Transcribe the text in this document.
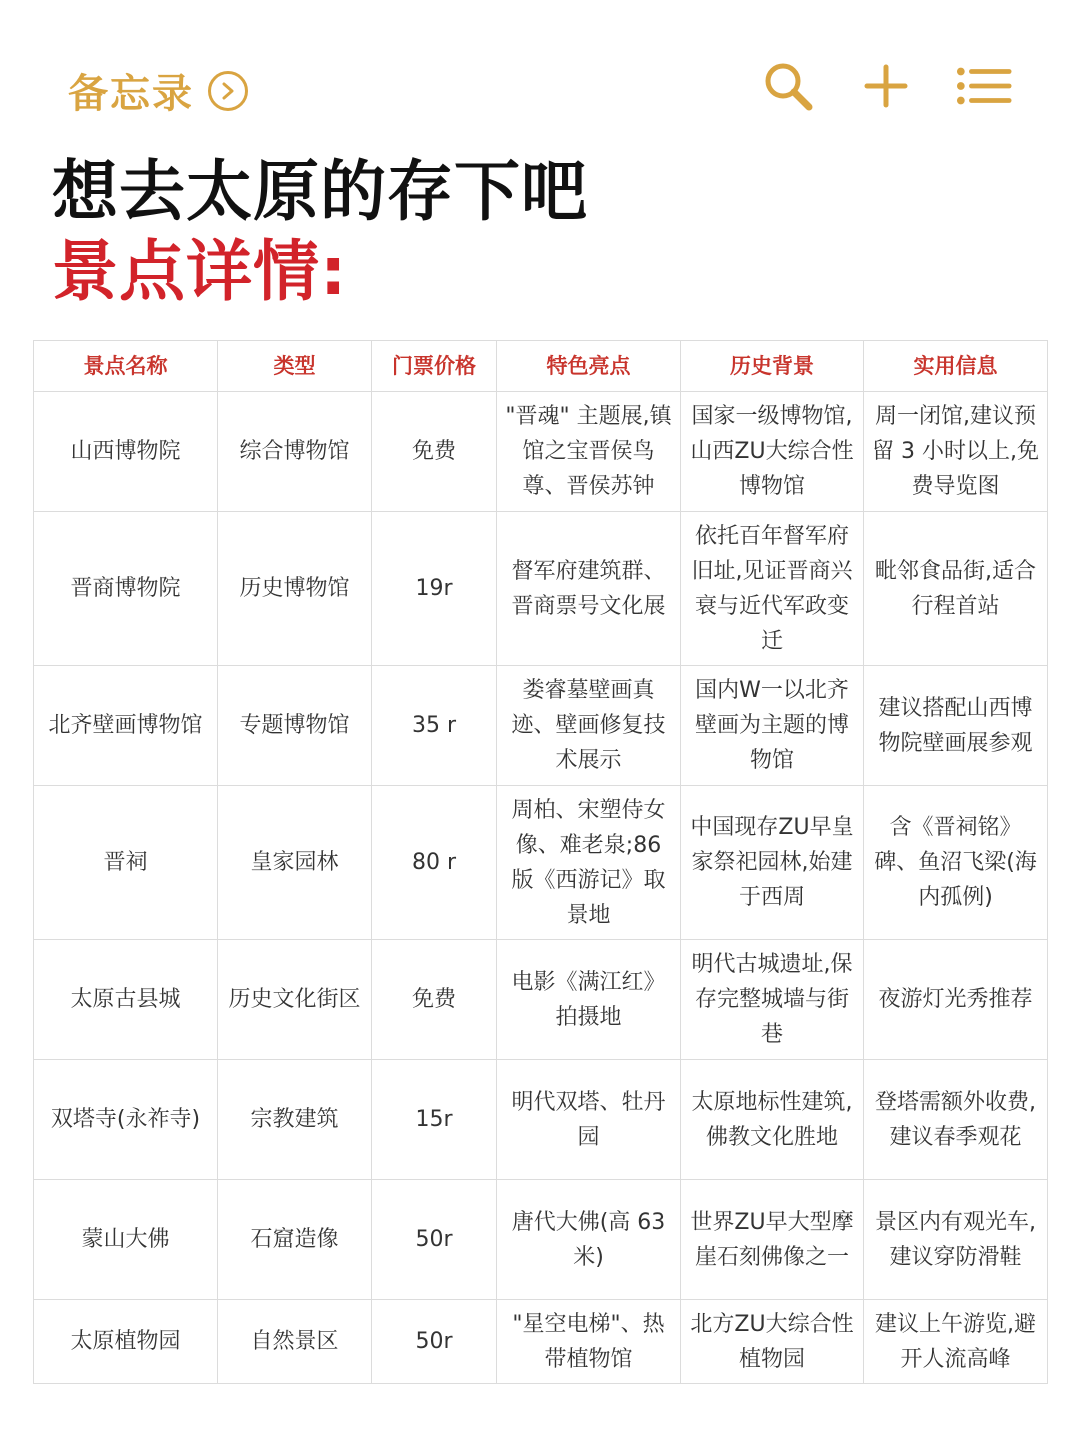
备忘录
想去太原的存下吧
景点详情:
景点名称	类型	门票价格	特色亮点	历史背景	实用信息
山西博物院	综合博物馆	免费	"晋魂" 主题展,镇馆之宝晋侯鸟尊、晋侯苏钟	国家一级博物馆,山西ZU大综合性博物馆	周一闭馆,建议预留 3 小时以上,免费导览图
晋商博物院	历史博物馆	19r	督军府建筑群、晋商票号文化展	依托百年督军府旧址,见证晋商兴衰与近代军政变迁	毗邻食品街,适合行程首站
北齐壁画博物馆	专题博物馆	35 r	娄睿墓壁画真迹、壁画修复技术展示	国内W一以北齐壁画为主题的博物馆	建议搭配山西博物院壁画展参观
晋祠	皇家园林	80 r	周柏、宋塑侍女像、难老泉;86版《西游记》取景地	中国现存ZU早皇家祭祀园林,始建于西周	含《晋祠铭》碑、鱼沼飞梁(海内孤例)
太原古县城	历史文化街区	免费	电影《满江红》拍摄地	明代古城遗址,保存完整城墙与街巷	夜游灯光秀推荐
双塔寺(永祚寺)	宗教建筑	15r	明代双塔、牡丹园	太原地标性建筑,佛教文化胜地	登塔需额外收费,建议春季观花
蒙山大佛	石窟造像	50r	唐代大佛(高 63 米)	世界ZU早大型摩崖石刻佛像之一	景区内有观光车,建议穿防滑鞋
太原植物园	自然景区	50r	"星空电梯"、热带植物馆	北方ZU大综合性植物园	建议上午游览,避开人流高峰
